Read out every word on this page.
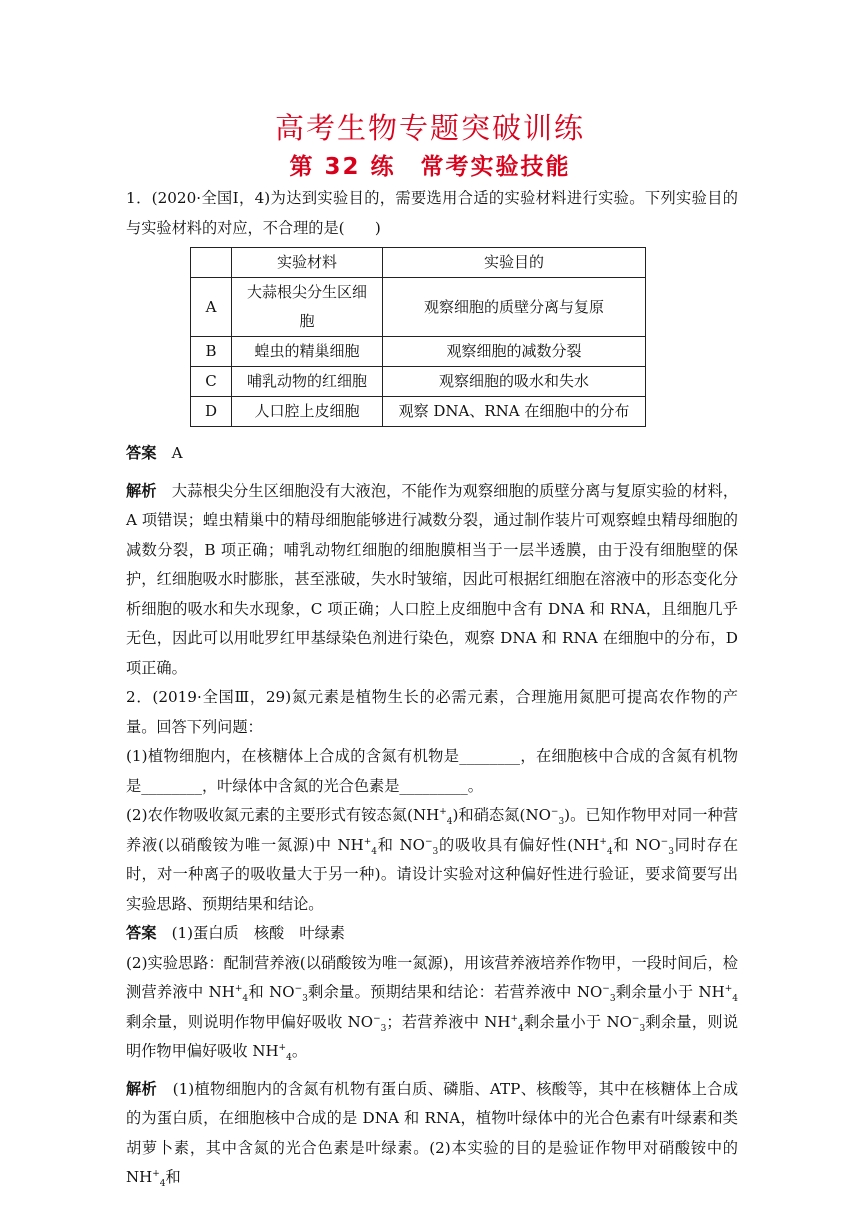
高考生物专题突破训练
第 32 练　常考实验技能

1．(2020·全国Ⅰ，4)为达到实验目的，需要选用合适的实验材料进行实验。下列实验目的与实验材料的对应，不合理的是(　　)

	实验材料	实验目的
A	大蒜根尖分生区细胞	观察细胞的质壁分离与复原
B	蝗虫的精巢细胞	观察细胞的减数分裂
C	哺乳动物的红细胞	观察细胞的吸水和失水
D	人口腔上皮细胞	观察 DNA、RNA 在细胞中的分布

答案　A

解析　大蒜根尖分生区细胞没有大液泡，不能作为观察细胞的质壁分离与复原实验的材料，A 项错误；蝗虫精巢中的精母细胞能够进行减数分裂，通过制作装片可观察蝗虫精母细胞的减数分裂，B 项正确；哺乳动物红细胞的细胞膜相当于一层半透膜，由于没有细胞壁的保护，红细胞吸水时膨胀，甚至涨破，失水时皱缩，因此可根据红细胞在溶液中的形态变化分析细胞的吸水和失水现象，C 项正确；人口腔上皮细胞中含有 DNA 和 RNA，且细胞几乎无色，因此可以用吡罗红甲基绿染色剂进行染色，观察 DNA 和 RNA 在细胞中的分布，D 项正确。

2．(2019·全国Ⅲ，29)氮元素是植物生长的必需元素，合理施用氮肥可提高农作物的产量。回答下列问题：

(1)植物细胞内，在核糖体上合成的含氮有机物是________，在细胞核中合成的含氮有机物是________，叶绿体中含氮的光合色素是_________。

(2)农作物吸收氮元素的主要形式有铵态氮$(NH^+_4)$和硝态氮$(NO^-_3)$。已知作物甲对同一种营养液(以硝酸铵为唯一氮源)中 $NH^+_4$和 $NO^-_3$的吸收具有偏好性($NH^+_4$和 $NO^-_3$同时存在时，对一种离子的吸收量大于另一种)。请设计实验对这种偏好性进行验证，要求简要写出实验思路、预期结果和结论。

答案　(1)蛋白质　核酸　叶绿素

(2)实验思路：配制营养液(以硝酸铵为唯一氮源)，用该营养液培养作物甲，一段时间后，检测营养液中 $NH^+_4$和 $NO^-_3$剩余量。预期结果和结论：若营养液中 $NO^-_3$剩余量小于 $NH^+_4$剩余量，则说明作物甲偏好吸收 $NO^-_3$；若营养液中 $NH^+_4$剩余量小于 $NO^-_3$剩余量，则说明作物甲偏好吸收 $NH^+_4$。

解析　(1)植物细胞内的含氮有机物有蛋白质、磷脂、ATP、核酸等，其中在核糖体上合成的为蛋白质，在细胞核中合成的是 DNA 和 RNA，植物叶绿体中的光合色素有叶绿素和类胡萝卜素，其中含氮的光合色素是叶绿素。(2)本实验的目的是验证作物甲对硝酸铵中的 $NH^+_4$和
